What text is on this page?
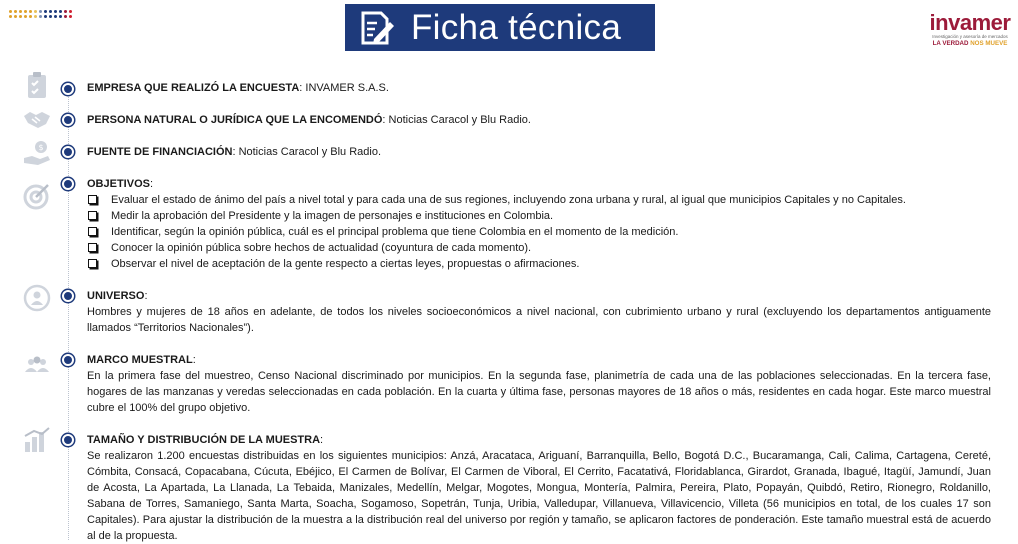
Ficha técnica	invamer
Investigación y asesoría de mercados
LA VERDAD NOS MUEVE
$
EMPRESA QUE REALIZÓ LA ENCUESTA: INVAMER S.A.S.
PERSONA NATURAL O JURÍDICA QUE LA ENCOMENDÓ: Noticias Caracol y Blu Radio.
FUENTE DE FINANCIACIÓN: Noticias Caracol y Blu Radio.
OBJETIVOS:
Evaluar el estado de ánimo del país a nivel total y para cada una de sus regiones, incluyendo zona urbana y rural, al igual que municipios Capitales y no Capitales.
Medir la aprobación del Presidente y la imagen de personajes e instituciones en Colombia.
Identificar, según la opinión pública, cuál es el principal problema que tiene Colombia en el momento de la medición.
Conocer la opinión pública sobre hechos de actualidad (coyuntura de cada momento).
Observar el nivel de aceptación de la gente respecto a ciertas leyes, propuestas o afirmaciones.
UNIVERSO:
Hombres y mujeres de 18 años en adelante, de todos los niveles socioeconómicos a nivel nacional, con cubrimiento urbano y rural (excluyendo los departamentos antiguamente llamados “Territorios Nacionales”).
MARCO MUESTRAL:
En la primera fase del muestreo, Censo Nacional discriminado por municipios. En la segunda fase, planimetría de cada una de las poblaciones seleccionadas. En la tercera fase, hogares de las manzanas y veredas seleccionadas en cada población. En la cuarta y última fase, personas mayores de 18 años o más, residentes en cada hogar. Este marco muestral cubre el 100% del grupo objetivo.
TAMAÑO Y DISTRIBUCIÓN DE LA MUESTRA:
Se realizaron 1.200 encuestas distribuidas en los siguientes municipios: Anzá, Aracataca, Ariguaní, Barranquilla, Bello, Bogotá D.C., Bucaramanga, Cali, Calima, Cartagena, Cereté, Cómbita, Consacá, Copacabana, Cúcuta, Ebéjico, El Carmen de Bolívar, El Carmen de Viboral, El Cerrito, Facatativá, Floridablanca, Girardot, Granada, Ibagué, Itagüí, Jamundí, Juan de Acosta, La Apartada, La Llanada, La Tebaida, Manizales, Medellín, Melgar, Mogotes, Mongua, Montería, Palmira, Pereira, Plato, Popayán, Quibdó, Retiro, Rionegro, Roldanillo, Sabana de Torres, Samaniego, Santa Marta, Soacha, Sogamoso, Sopetrán, Tunja, Uribia, Valledupar, Villanueva, Villavicencio, Villeta (56 municipios en total, de los cuales 17 son Capitales). Para ajustar la distribución de la muestra a la distribución real del universo por región y tamaño, se aplicaron factores de ponderación. Este tamaño muestral está de acuerdo al de la propuesta.
